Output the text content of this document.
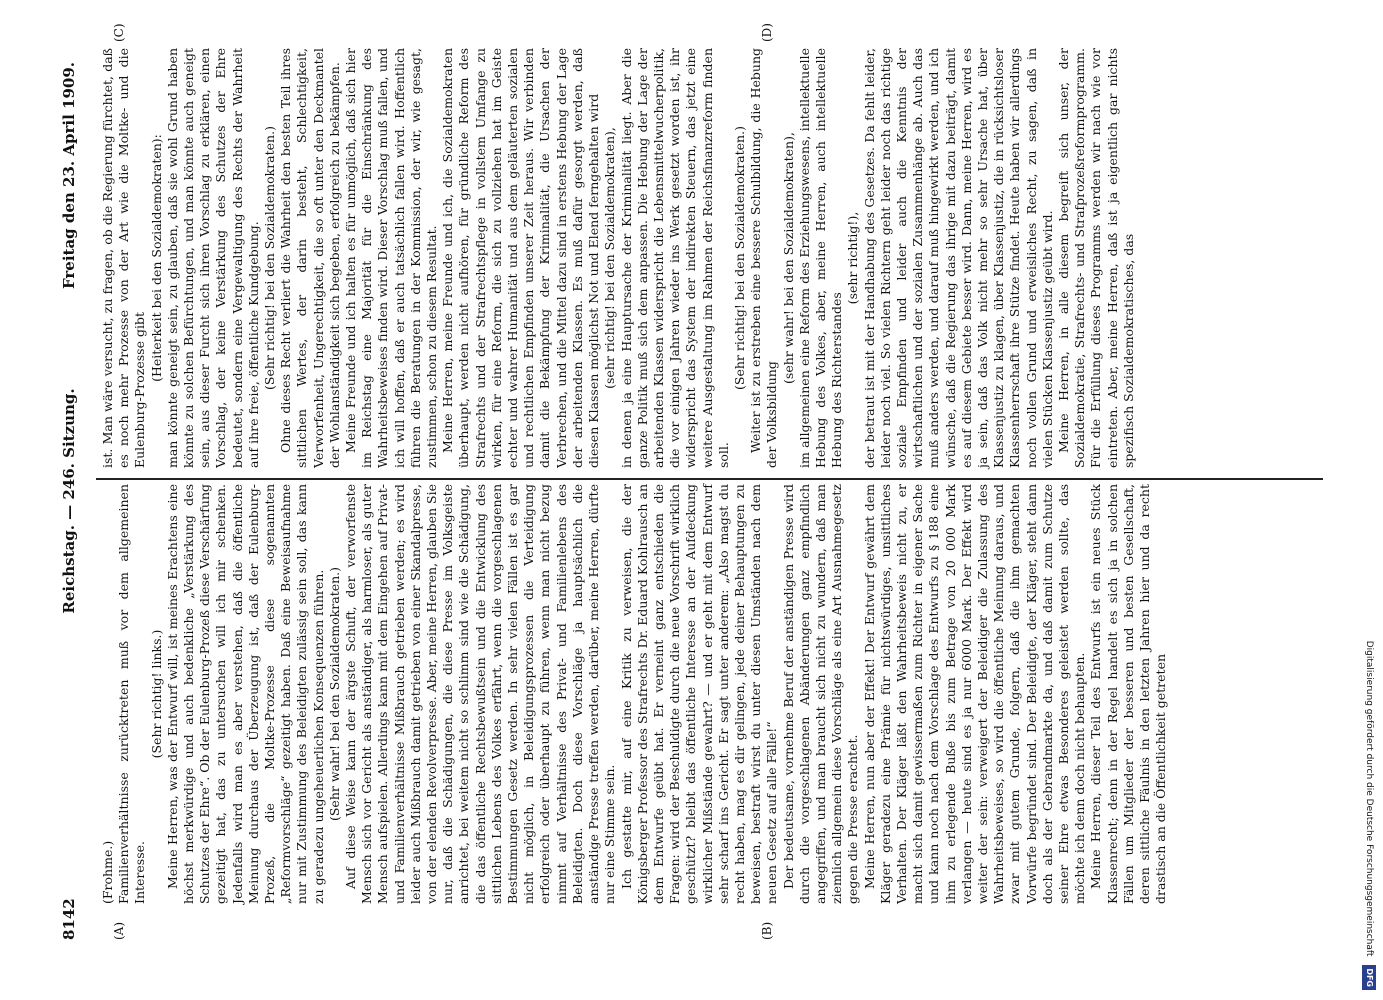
8142
Reichstag. — 246. Sitzung.
Freitag den 23. April 1909.
(A)	(B)
(C)	(D)

(Frohme.) Familienverhältnisse zurücktreten muß vor dem allgemeinen Interesse.

(Sehr richtig! links.) Meine Herren, was der Entwurf will, ist meines Erachtens eine höchst merkwürdige und auch bedenkliche „Verstärkung des Schutzes der Ehre“. Ob der Eulenburg-Prozeß diese Verschärfung gezeitigt hat, das zu untersuchen will ich mir schenken. Jedenfalls wird man es aber verstehen, daß die öffentliche Meinung durchaus der Überzeugung ist, daß der Eulenburg-Prozeß, die Moltke-Prozesse diese sogenannten „Reformvorschläge“ gezeitigt haben. Daß eine Beweisaufnahme nur mit Zustimmung des Beleidigten zulässig sein soll, das kann zu geradezu ungeheuerlichen Konsequenzen führen. (Sehr wahr! bei den Sozialdemokraten.) Auf diese Weise kann der ärgste Schuft, der verworfenste Mensch sich vor Gericht als anständiger, als harmloser, als guter Mensch aufspielen. Allerdings kann mit dem Eingehen auf Privat- und Familienverhältnisse Mißbrauch getrieben werden; es wird leider auch Mißbrauch damit getrieben von einer Skandalpresse, von der elenden Revolverpresse. Aber, meine Herren, glauben Sie nur, daß die Schädigungen, die diese Presse im Volksgeiste anrichtet, bei weitem nicht so schlimm sind wie die Schädigung, die das öffentliche Rechtsbewußtsein und die Entwicklung des sittlichen Lebens des Volkes erfährt, wenn die vorgeschlagenen Bestimmungen Gesetz werden. In sehr vielen Fällen ist es gar nicht möglich, in Beleidigungsprozessen die Verteidigung erfolgreich oder überhaupt zu führen, wenn man nicht bezug nimmt auf Verhältnisse des Privat- und Familienlebens des Beleidigten. Doch diese Vorschläge ja hauptsächlich die anständige Presse treffen werden, darüber, meine Herren, dürfte nur eine Stimme sein. Ich gestatte mir, auf eine Kritik zu verweisen, die der Königsberger Professor des Strafrechts Dr. Eduard Kohlrausch an dem Entwurfe geübt hat. Er verneint ganz entschieden die Fragen: wird der Beschuldigte durch die neue Vorschrift wirklich geschützt? bleibt das öffentliche Interesse an der Aufdeckung wirklicher Mißstände gewahrt? — und er geht mit dem Entwurf sehr scharf ins Gericht. Er sagt unter anderem: „Also magst du recht haben, mag es dir gelingen, jede deiner Behauptungen zu beweisen, bestraft wirst du unter diesen Umständen nach dem neuen Gesetz auf alle Fälle!“ Der bedeutsame, vornehme Beruf der anständigen Presse wird durch die vorgeschlagenen Abänderungen ganz empfindlich angegriffen, und man braucht sich nicht zu wundern, daß man ziemlich allgemein diese Vorschläge als eine Art Ausnahmegesetz gegen die Presse erachtet. Meine Herren, nun aber der Effekt! Der Entwurf gewährt dem Kläger geradezu eine Prämie für nichtswürdiges, unsittliches Verhalten. Der Kläger läßt den Wahrheitsbeweis nicht zu, er macht sich damit gewissermaßen zum Richter in eigener Sache und kann noch nach dem Vorschlage des Entwurfs zu § 188 eine ihm zu erlegende Buße bis zum Betrage von 20 000 Mark verlangen — heute sind es ja nur 6000 Mark. Der Effekt wird weiter der sein: verweigert der Beleidiger die Zulassung des Wahrheitsbeweises, so wird die öffentliche Meinung daraus, und zwar mit gutem Grunde, folgern, daß die ihm gemachten Vorwürfe begründet sind. Der Beleidigte, der Kläger, steht dann doch als der Gebrandmarkte da, und daß damit zum Schutze seiner Ehre etwas Besonderes geleistet werden sollte, das möchte ich denn doch nicht behaupten. Meine Herren, dieser Teil des Entwurfs ist ein neues Stück Klassenrecht; denn in der Regel handelt es sich ja in solchen Fällen um Mitglieder der besseren und besten Gesellschaft, deren sittliche Fäulnis in den letzten Jahren hier und da recht drastisch an die Öffentlichkeit getreten

ist. Man wäre versucht, zu fragen, ob die Regierung fürchtet, daß es noch mehr Prozesse von der Art wie die Moltke- und die Eulenburg-Prozesse gibt

(Heiterkeit bei den Sozialdemokraten): man könnte geneigt sein, zu glauben, daß sie wohl Grund haben könnte zu solchen Befürchtungen, und man könnte auch geneigt sein, aus dieser Furcht sich ihren Vorschlag zu erklären, einen Vorschlag, der keine Verstärkung des Schutzes der Ehre bedeutet, sondern eine Vergewaltigung des Rechts der Wahrheit auf ihre freie, öffentliche Kundgebung. (Sehr richtig! bei den Sozialdemokraten.) Ohne dieses Recht verliert die Wahrheit den besten Teil ihres sittlichen Wertes, der darin besteht, Schlechtigkeit, Verworfenheit, Ungerechtigkeit, die so oft unter den Deckmantel der Wohlanständigkeit sich begeben, erfolgreich zu bekämpfen. Meine Freunde und ich halten es für unmöglich, daß sich hier im Reichstag eine Majorität für die Einschränkung des Wahrheitsbeweises finden wird. Dieser Vorschlag muß fallen, und ich will hoffen, daß er auch tatsächlich fallen wird. Hoffentlich führen die Beratungen in der Kommission, der wir, wie gesagt, zustimmen, schon zu diesem Resultat. Meine Herren, meine Freunde und ich, die Sozialdemokraten überhaupt, werden nicht aufhören, für gründliche Reform des Strafrechts und der Strafrechtspflege in vollstem Umfange zu wirken, für eine Reform, die sich zu vollziehen hat im Geiste echter und wahrer Humanität und aus dem geläuterten sozialen und rechtlichen Empfinden unserer Zeit heraus. Wir verbinden damit die Bekämpfung der Kriminalität, die Ursachen der Verbrechen, und die Mittel dazu sind in erstens Hebung der Lage der arbeitenden Klassen. Es muß dafür gesorgt werden, daß diesen Klassen möglichst Not und Elend ferngehalten wird (sehr richtig! bei den Sozialdemokraten), in denen ja eine Hauptursache der Kriminalität liegt. Aber die ganze Politik muß sich dem anpassen. Die Hebung der Lage der arbeitenden Klassen widerspricht die Lebensmittelwucherpolitik, die vor einigen Jahren wieder ins Werk gesetzt worden ist, ihr widerspricht das System der indirekten Steuern, das jetzt eine weitere Ausgestaltung im Rahmen der Reichsfinanzreform finden soll.

(Sehr richtig! bei den Sozialdemokraten.) Weiter ist zu erstreben eine bessere Schulbildung, die Hebung der Volksbildung

(sehr wahr! bei den Sozialdemokraten), im allgemeinen eine Reform des Erziehungswesens, intellektuelle Hebung des Volkes, aber, meine Herren, auch intellektuelle Hebung des Richterstandes

(sehr richtig!), der betraut ist mit der Handhabung des Gesetzes. Da fehlt leider, leider noch viel. So vielen Richtern geht leider noch das richtige soziale Empfinden und leider auch die Kenntnis der wirtschaftlichen und der sozialen Zusammenhänge ab. Auch das muß anders werden, und darauf muß hingewirkt werden, und ich wünsche, daß die Regierung das ihrige mit dazu beiträgt, damit es auf diesem Gebiete besser wird. Dann, meine Herren, wird es ja sein, daß das Volk nicht mehr so sehr Ursache hat, über Klassenjustiz zu klagen, über Klassenjustiz, die in rücksichtsloser Klassenherrschaft ihre Stütze findet. Heute haben wir allerdings noch vollen Grund und erweisliches Recht, zu sagen, daß in vielen Stücken Klassenjustiz geübt wird. Meine Herren, in alle diesem begreift sich unser, der Sozialdemokratie, Strafrechts- und Strafprozeßreformprogramm. Für die Erfüllung dieses Programms werden wir nach wie vor eintreten. Aber, meine Herren, daß ist ja eigentlich gar nichts spezifisch Sozialdemokratisches, das

Digitalisierung gefördert durch die Deutsche Forschungsgemeinschaft DFG
